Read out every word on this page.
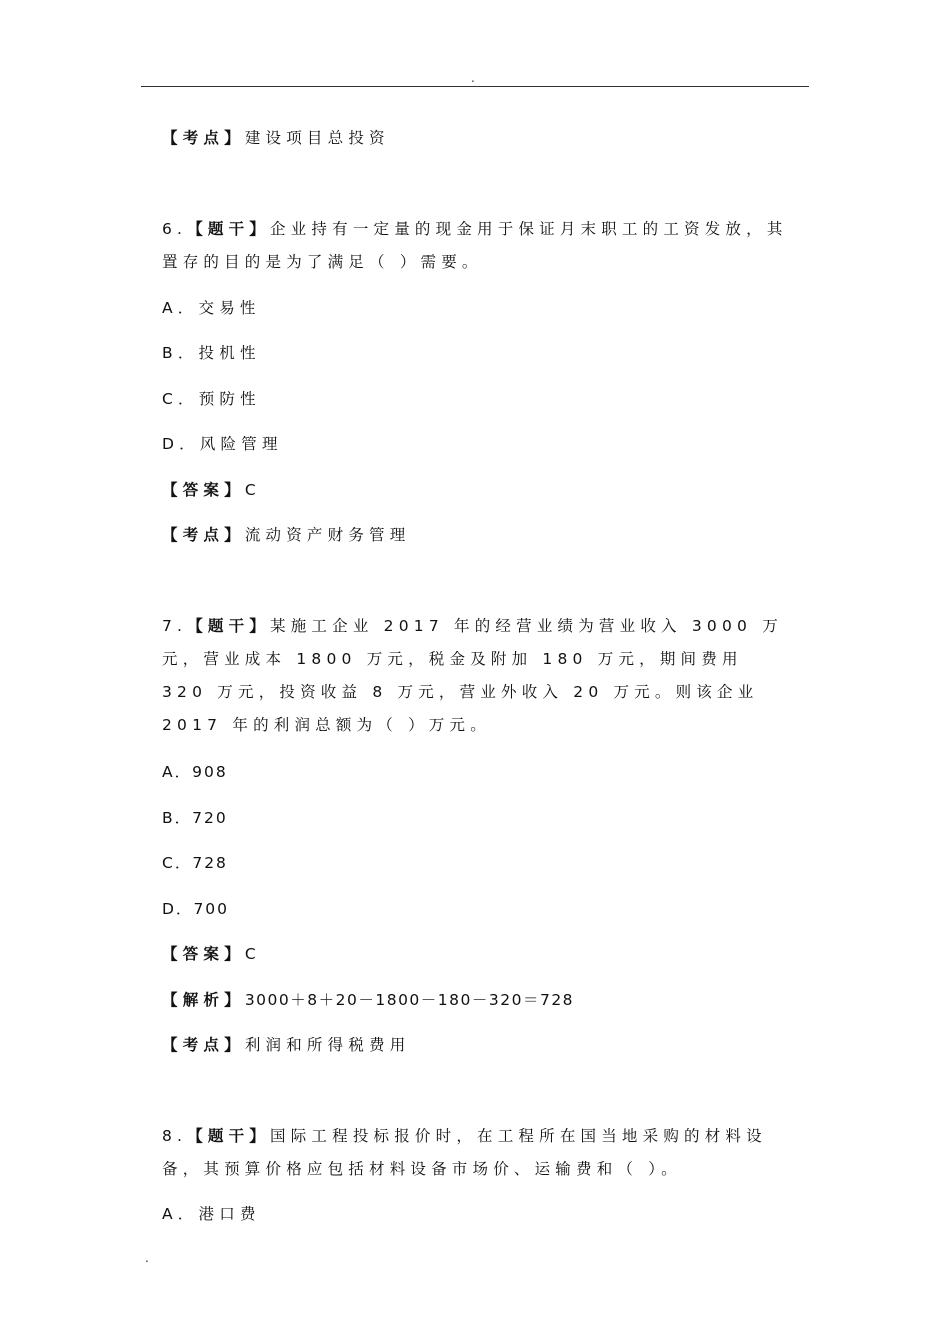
.
【考点】建设项目总投资
6.【题干】企业持有一定量的现金用于保证月末职工的工资发放，其置存的目的是为了满足（ ）需要。
A．交易性
B．投机性
C．预防性
D．风险管理
【答案】C
【考点】流动资产财务管理
7.【题干】某施工企业 2017 年的经营业绩为营业收入 3000 万元，营业成本 1800 万元，税金及附加 180 万元，期间费用 320 万元，投资收益 8 万元，营业外收入 20 万元。则该企业 2017 年的利润总额为（ ）万元。
A．908
B．720
C．728
D．700
【答案】C
【解析】3000＋8＋20－1800－180－320＝728
【考点】利润和所得税费用
8.【题干】国际工程投标报价时，在工程所在国当地采购的材料设备，其预算价格应包括材料设备市场价、运输费和（ ）。
A．港口费
.
